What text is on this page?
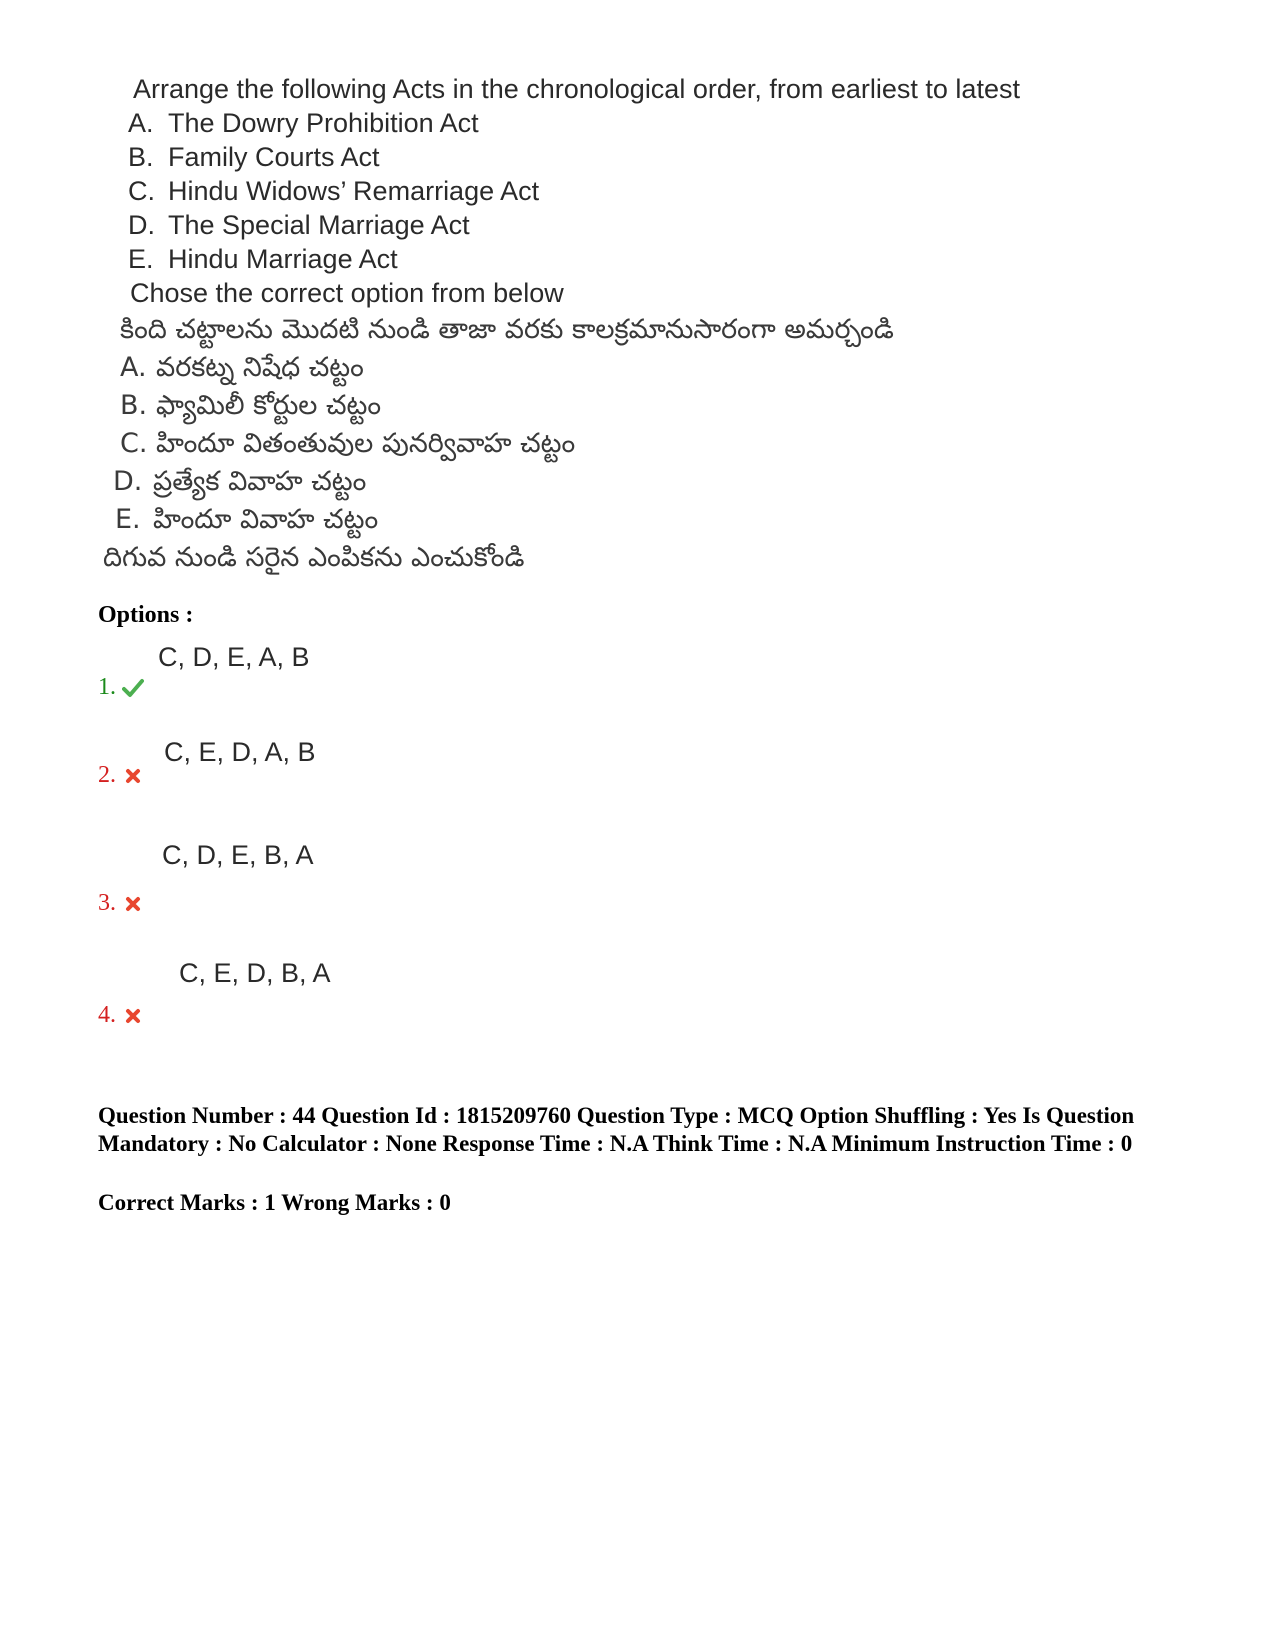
Arrange the following Acts in the chronological order, from earliest to latest
A. The Dowry Prohibition Act
B. Family Courts Act
C. Hindu Widows’ Remarriage Act
D. The Special Marriage Act
E. Hindu Marriage Act
Chose the correct option from below
కింది చట్టాలను మొదటి నుండి తాజా వరకు కాలక్రమానుసారంగా అమర్చండి
A. వరకట్న నిషేధ చట్టం
B. ఫ్యామిలీ కోర్టుల చట్టం
C. హిందూ వితంతువుల పునర్వివాహ చట్టం
D. ప్రత్యేక వివాహ చట్టం
E. హిందూ వివాహ చట్టం
దిగువ నుండి సరైన ఎంపికను ఎంచుకోండి
Options :
C, D, E, A, B
1.
C, E, D, A, B
2.
C, D, E, B, A
3.
C, E, D, B, A
4.
Question Number : 44 Question Id : 1815209760 Question Type : MCQ Option Shuffling : Yes Is Question Mandatory : No Calculator : None Response Time : N.A Think Time : N.A Minimum Instruction Time : 0
Correct Marks : 1 Wrong Marks : 0
